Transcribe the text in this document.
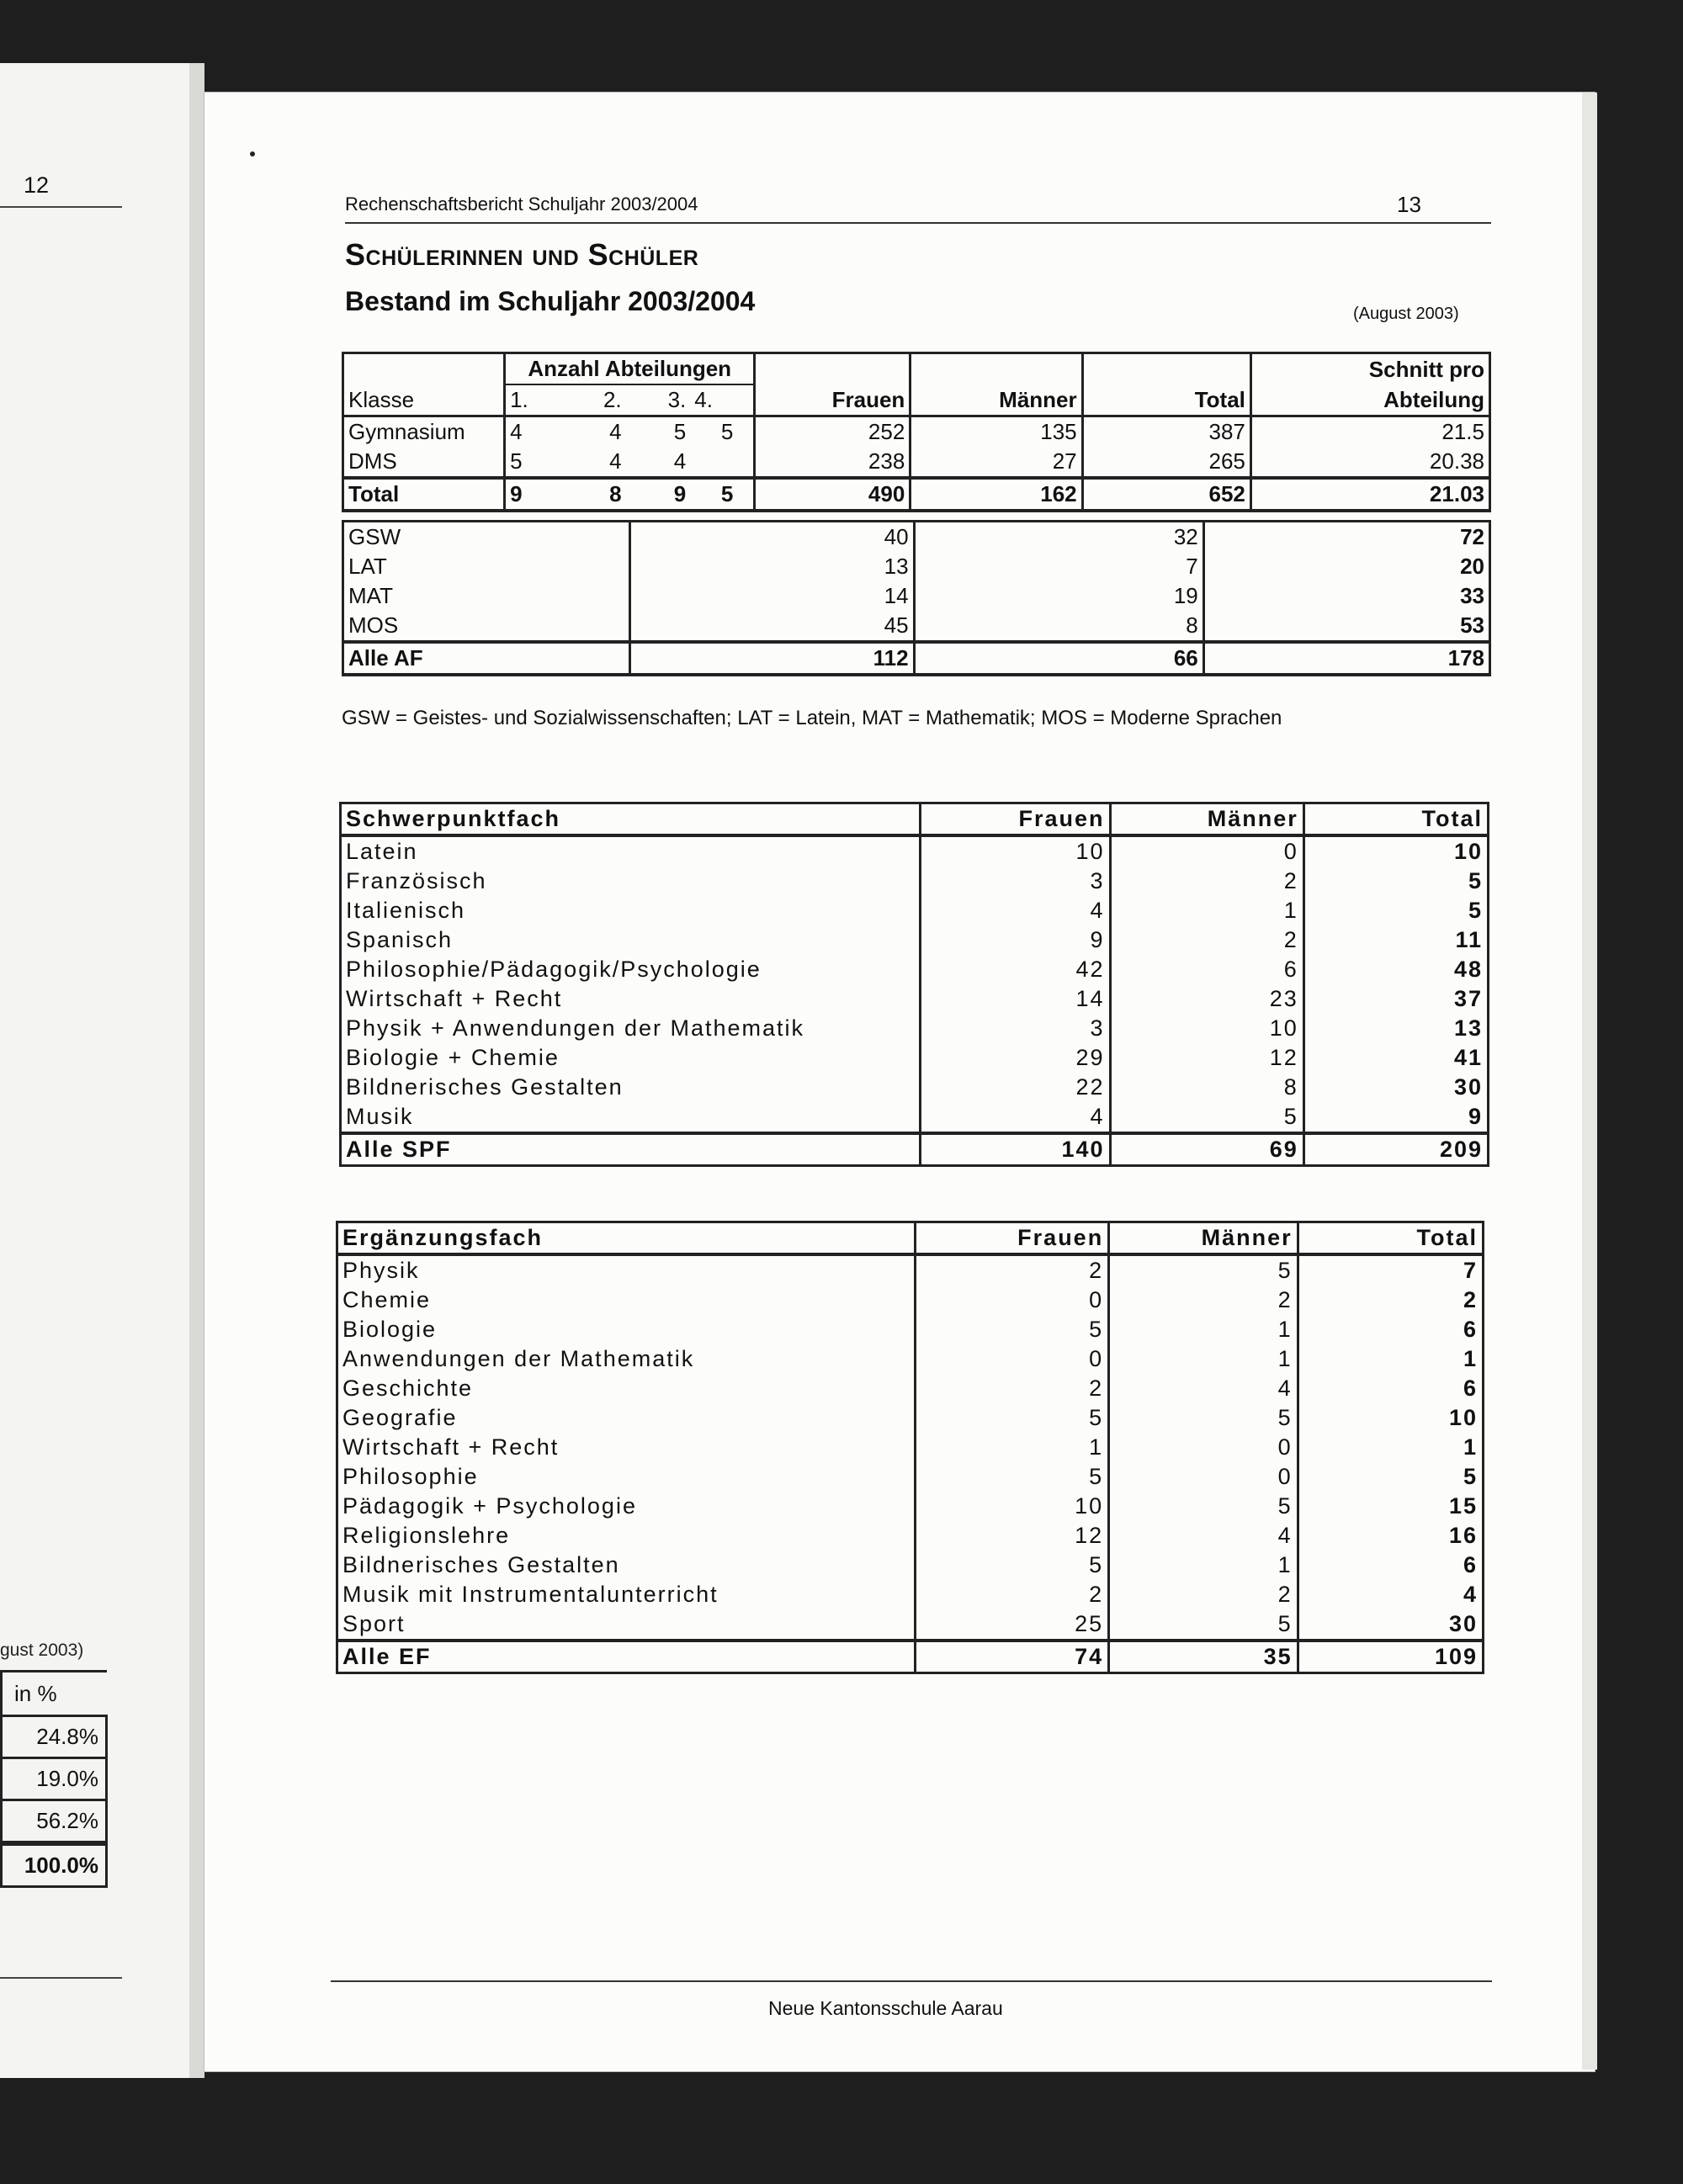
12
gust 2003)
in %
24.8%
19.0%
56.2%
100.0%
Rechenschaftsbericht Schuljahr 2003/2004	13
Schülerinnen und Schüler
Bestand im Schuljahr 2003/2004	(August 2003)
	Anzahl Abteilungen				Frauen	Männer	Total	Schnitt pro
Klasse	1.	2.	3.	4.				Abteilung
Gymnasium	4	4	5	5	252	135	387	21.5
DMS	5	4	4		238	27	265	20.38
Total	9	8	9	5	490	162	652	21.03
GSW	40	32	72
LAT	13	7	20
MAT	14	19	33
MOS	45	8	53
Alle AF	112	66	178
GSW = Geistes- und Sozialwissenschaften; LAT = Latein, MAT = Mathematik; MOS = Moderne Sprachen
Schwerpunktfach	Frauen	Männer	Total
Latein	10	0	10
Französisch	3	2	5
Italienisch	4	1	5
Spanisch	9	2	11
Philosophie/Pädagogik/Psychologie	42	6	48
Wirtschaft + Recht	14	23	37
Physik + Anwendungen der Mathematik	3	10	13
Biologie + Chemie	29	12	41
Bildnerisches Gestalten	22	8	30
Musik	4	5	9
Alle SPF	140	69	209
Ergänzungsfach	Frauen	Männer	Total
Physik	2	5	7
Chemie	0	2	2
Biologie	5	1	6
Anwendungen der Mathematik	0	1	1
Geschichte	2	4	6
Geografie	5	5	10
Wirtschaft + Recht	1	0	1
Philosophie	5	0	5
Pädagogik + Psychologie	10	5	15
Religionslehre	12	4	16
Bildnerisches Gestalten	5	1	6
Musik mit Instrumentalunterricht	2	2	4
Sport	25	5	30
Alle EF	74	35	109
Neue Kantonsschule Aarau
